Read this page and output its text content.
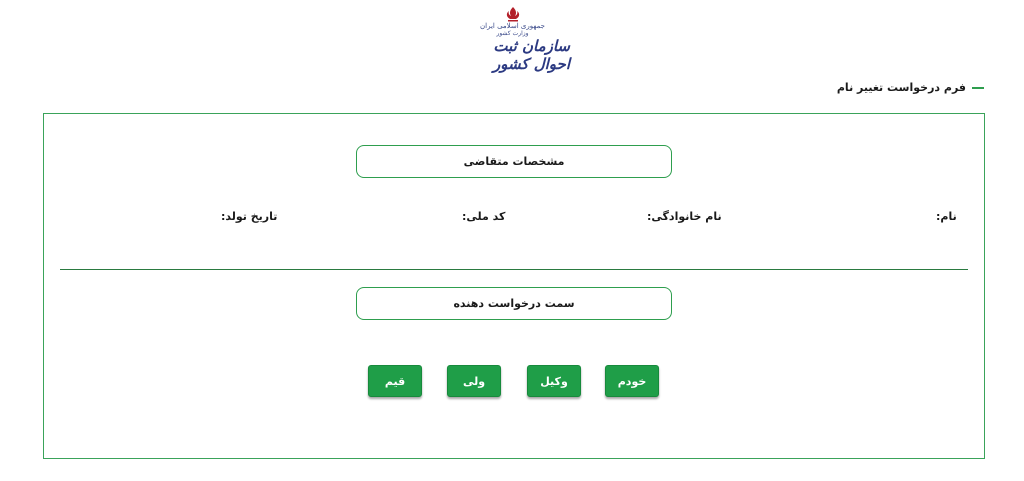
جمهوری اسلامی ایران
وزارت کشور
سازمان ثبت احوال کشور
فرم درخواست تغییر نام
مشخصات متقاضی
نام:
نام خانوادگی:
کد ملی:
تاریخ تولد:
سمت درخواست دهنده
خودم
وکیل
ولی
قیم
